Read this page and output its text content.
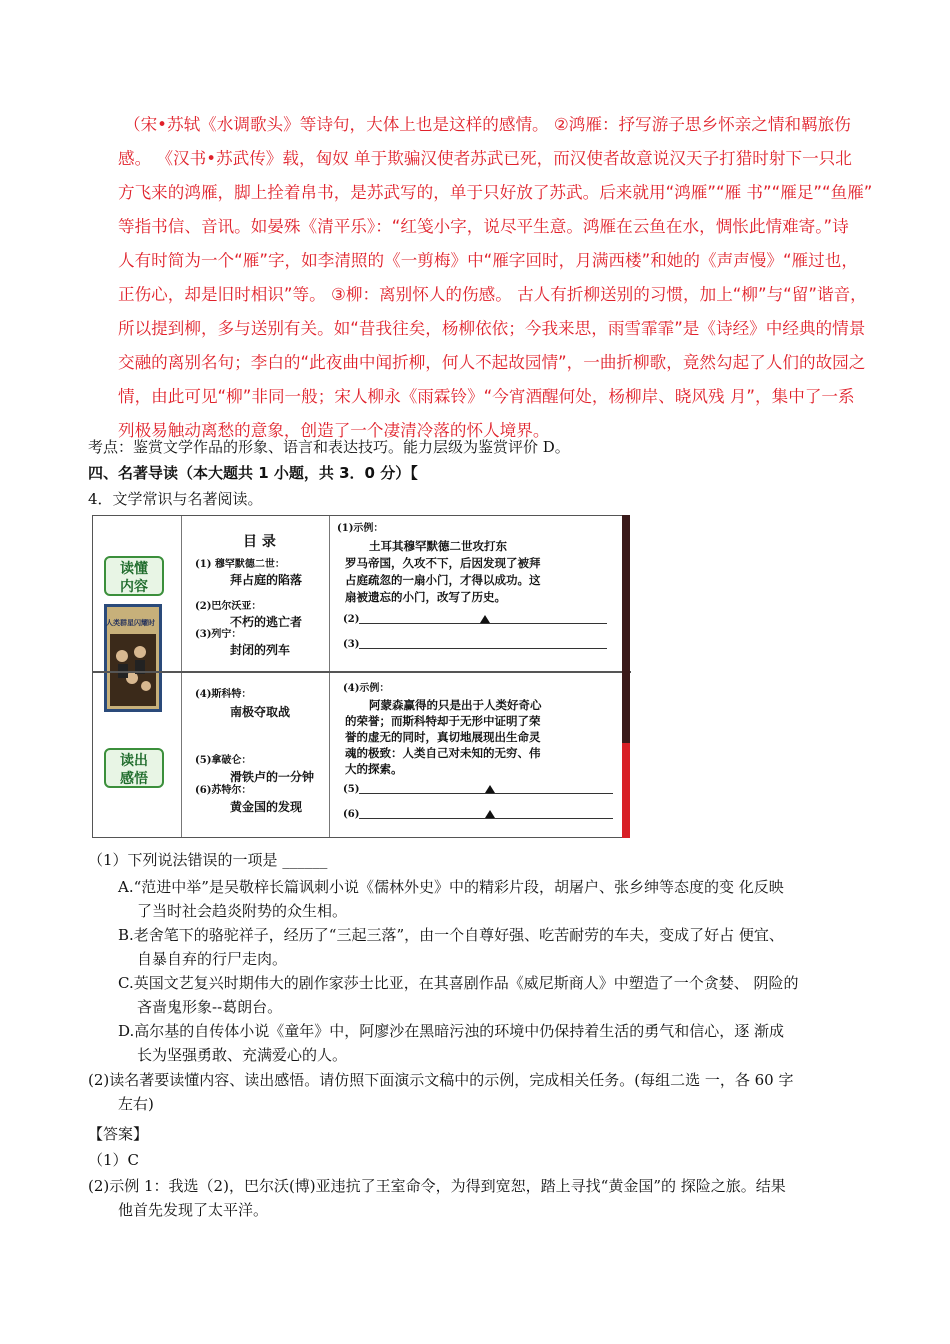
（宋•苏轼《水调歌头》等诗句，大体上也是这样的感情。 ②鸿雁：抒写游子思乡怀亲之情和羁旅伤
感。 《汉书•苏武传》载，匈奴 单于欺骗汉使者苏武已死，而汉使者故意说汉天子打猎时射下一只北
方飞来的鸿雁，脚上拴着帛书，是苏武写的，单于只好放了苏武。后来就用“鸿雁”“雁 书”“雁足”“鱼雁”
等指书信、音讯。如晏殊《清平乐》：“红笺小字，说尽平生意。鸿雁在云鱼在水，惆怅此情难寄。”诗
人有时简为一个“雁”字，如李清照的《一剪梅》中“雁字回时，月满西楼”和她的《声声慢》“雁过也，
正伤心，却是旧时相识”等。 ③柳：离别怀人的伤感。 古人有折柳送别的习惯，加上“柳”与“留”谐音，
所以提到柳，多与送别有关。如“昔我往矣，杨柳依依；今我来思，雨雪霏霏”是《诗经》中经典的情景
交融的离别名句；李白的“此夜曲中闻折柳，何人不起故园情”，一曲折柳歌，竟然勾起了人们的故园之
情，由此可见“柳”非同一般；宋人柳永《雨霖铃》“今宵酒醒何处，杨柳岸、晓风残 月”，集中了一系
列极易触动离愁的意象，创造了一个凄清冷落的怀人境界。
考点：鉴赏文学作品的形象、语言和表达技巧。能力层级为鉴赏评价 D。
四、名著导读（本大题共 1 小题，共 3．0 分）【
4．文学常识与名著阅读。
读懂
内容
人类群星闪耀时
读出
感悟
目 录
(1) 穆罕默德二世：
拜占庭的陷落
(2)巴尔沃亚：
不朽的逃亡者
(3)列宁：
封闭的列车
(4)斯科特：
南极夺取战
(5)拿破仑：
滑铁卢的一分钟
(6)苏特尔：
黄金国的发现
(1)示例：
土耳其穆罕默德二世攻打东
罗马帝国，久攻不下，后因发现了被拜
占庭疏忽的一扇小门，才得以成功。这
扇被遗忘的小门，改写了历史。
(2)
(3)
(4)示例：
阿蒙森赢得的只是出于人类好奇心
的荣誉；而斯科特却于无形中证明了荣
誉的虚无的同时，真切地展现出生命灵
魂的极致：人类自己对未知的无穷、伟
大的探索。
(5)
(6)
（1）下列说法错误的一项是 ______
A.“范进中举”是吴敬梓长篇讽刺小说《儒林外史》中的精彩片段，胡屠户、张乡绅等态度的变 化反映
了当时社会趋炎附势的众生相。
B.老舍笔下的骆驼祥子，经历了“三起三落”，由一个自尊好强、吃苦耐劳的车夫，变成了好占 便宜、
自暴自弃的行尸走肉。
C.英国文艺复兴时期伟大的剧作家莎士比亚，在其喜剧作品《威尼斯商人》中塑造了一个贪婪、 阴险的
吝啬鬼形象--葛朗台。
D.高尔基的自传体小说《童年》中，阿廖沙在黑暗污浊的环境中仍保持着生活的勇气和信心，逐 渐成
长为坚强勇敢、充满爱心的人。
(2)读名著要读懂内容、读出感悟。请仿照下面演示文稿中的示例，完成相关任务。(每组二选 一，各 60 字
左右)
【答案】
（1）C
(2)示例 1：我选（2)，巴尔沃(博)亚违抗了王室命令，为得到宽恕，踏上寻找“黄金国”的 探险之旅。结果
他首先发现了太平洋。
